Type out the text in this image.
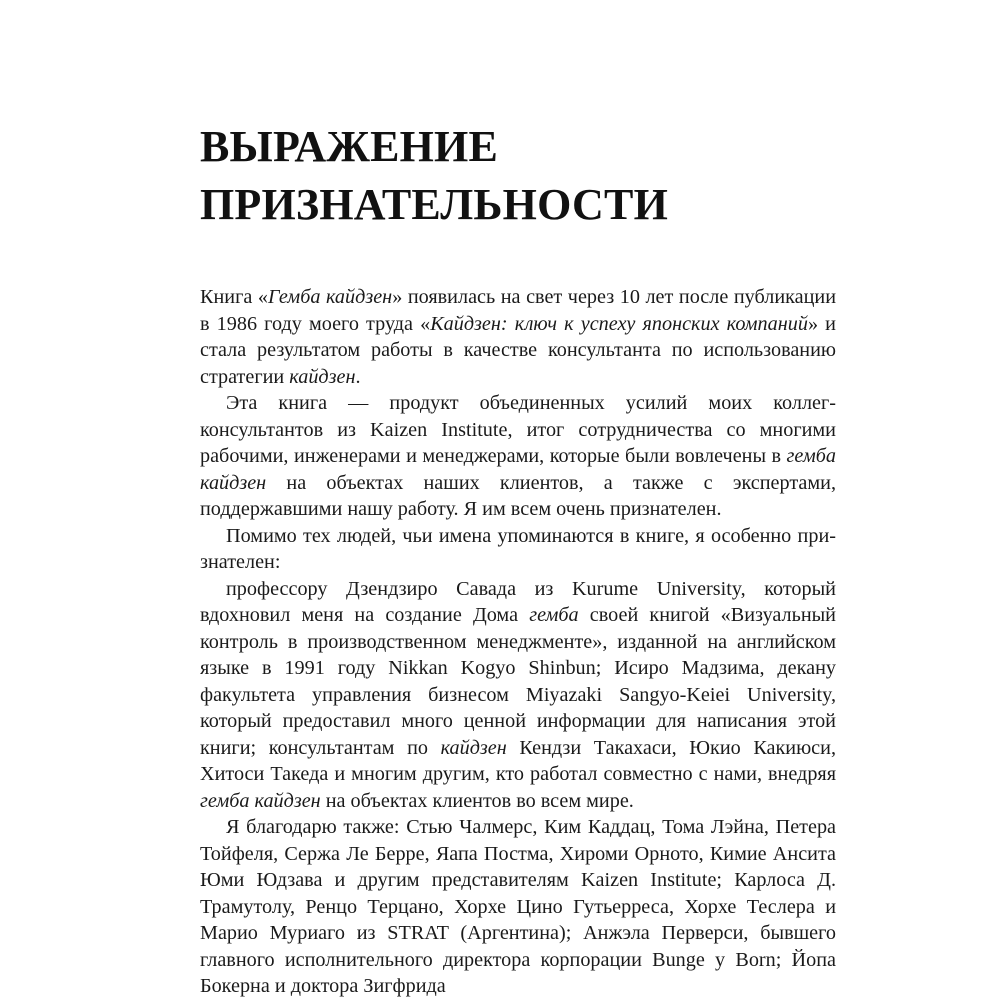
ВЫРАЖЕНИЕ
ПРИЗНАТЕЛЬНОСТИ

Книга «Гемба кайдзен» появилась на свет через 10 лет после публикации в 1986 году моего труда «Кайдзен: ключ к успеху японских компаний» и стала результатом работы в качестве консультанта по использованию стратегии кайдзен.

Эта книга — продукт объединенных усилий моих коллег-консультантов из Kaizen Institute, итог сотрудничества со многими рабочими, инженерами и менеджерами, которые были вовлечены в гемба кайдзен на объектах наших клиентов, а также с экспертами, поддержавшими нашу работу. Я им всем очень признателен.

Помимо тех людей, чьи имена упоминаются в книге, я особенно признателен:

профессору Дзендзиро Савада из Kurume University, который вдохновил меня на создание Дома гемба своей книгой «Визуальный контроль в производственном менеджменте», изданной на английском языке в 1991 году Nikkan Kogyo Shinbun; Исиро Мадзима, декану факультета управления бизнесом Miyazaki Sangyo-Keiei University, который предоставил много ценной информации для написания этой книги; консультантам по кайдзен Кендзи Такахаси, Юкио Какиюси, Хитоси Такеда и многим другим, кто работал совместно с нами, внедряя гемба кайдзен на объектах клиентов во всем мире.

Я благодарю также: Стью Чалмерс, Ким Каддац, Тома Лэйна, Петера Тойфеля, Сержа Ле Берре, Яапа Постма, Хироми Орното, Кимие Ансита Юми Юдзава и другим представителям Kaizen Institute; Карлоса Д. Трамутолу, Ренцо Терцано, Хорхе Цино Гутьерреса, Хорхе Теслера и Марио Муриаго из STRAT (Аргентина); Анжэла Перверси, бывшего главного исполнительного директора корпорации Bunge y Born; Йопа Бокерна и доктора Зигфрида
